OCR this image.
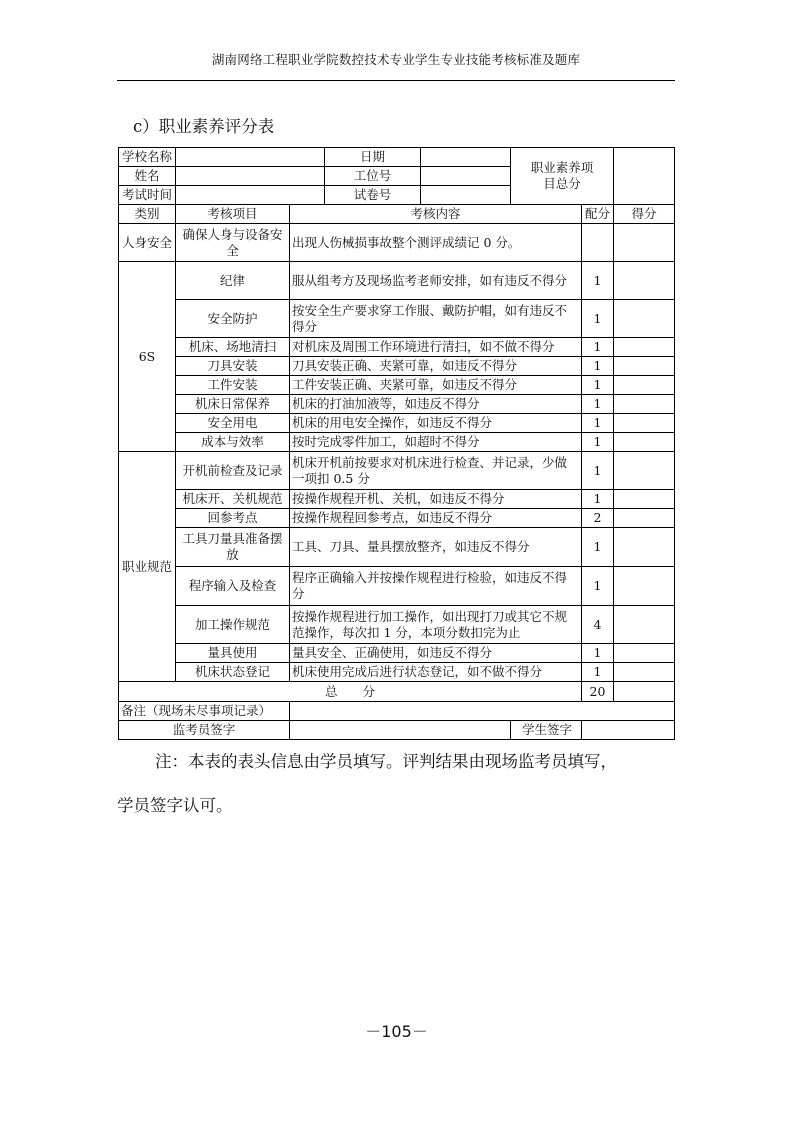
湖南网络工程职业学院数控技术专业学生专业技能考核标准及题库
c）职业素养评分表
学校名称			日期		职业素养项目总分		
姓名			工位号				
考试时间			试卷号				
类别	考核项目	考核内容				配分	得分
人身安全	确保人身与设备安全	出现人伤械损事故整个测评成绩记 0 分。					
6S	纪律	服从组考方及现场监考老师安排，如有违反不得分				1	
	安全防护	按安全生产要求穿工作服、戴防护帽，如有违反不得分				1	
	机床、场地清扫	对机床及周围工作环境进行清扫，如不做不得分				1	
	刀具安装	刀具安装正确、夹紧可靠，如违反不得分				1	
	工件安装	工件安装正确、夹紧可靠，如违反不得分				1	
	机床日常保养	机床的打油加液等，如违反不得分				1	
	安全用电	机床的用电安全操作，如违反不得分				1	
	成本与效率	按时完成零件加工，如超时不得分				1	
职业规范	开机前检查及记录	机床开机前按要求对机床进行检查、并记录，少做一项扣 0.5 分				1	
	机床开、关机规范	按操作规程开机、关机，如违反不得分				1	
	回参考点	按操作规程回参考点，如违反不得分				2	
	工具刀量具准备摆放	工具、刀具、量具摆放整齐，如违反不得分				1	
	程序输入及检查	程序正确输入并按操作规程进行检验，如违反不得分				1	
	加工操作规范	按操作规程进行加工操作，如出现打刀或其它不规范操作，每次扣 1 分，本项分数扣完为止				4	
	量具使用	量具安全、正确使用，如违反不得分				1	
	机床状态登记	机床使用完成后进行状态登记，如不做不得分				1	
总　　分						20	
备注（现场未尽事项记录）							
监考员签字					学生签字		
注：本表的表头信息由学员填写。评判结果由现场监考员填写，
学员签字认可。
－105－
